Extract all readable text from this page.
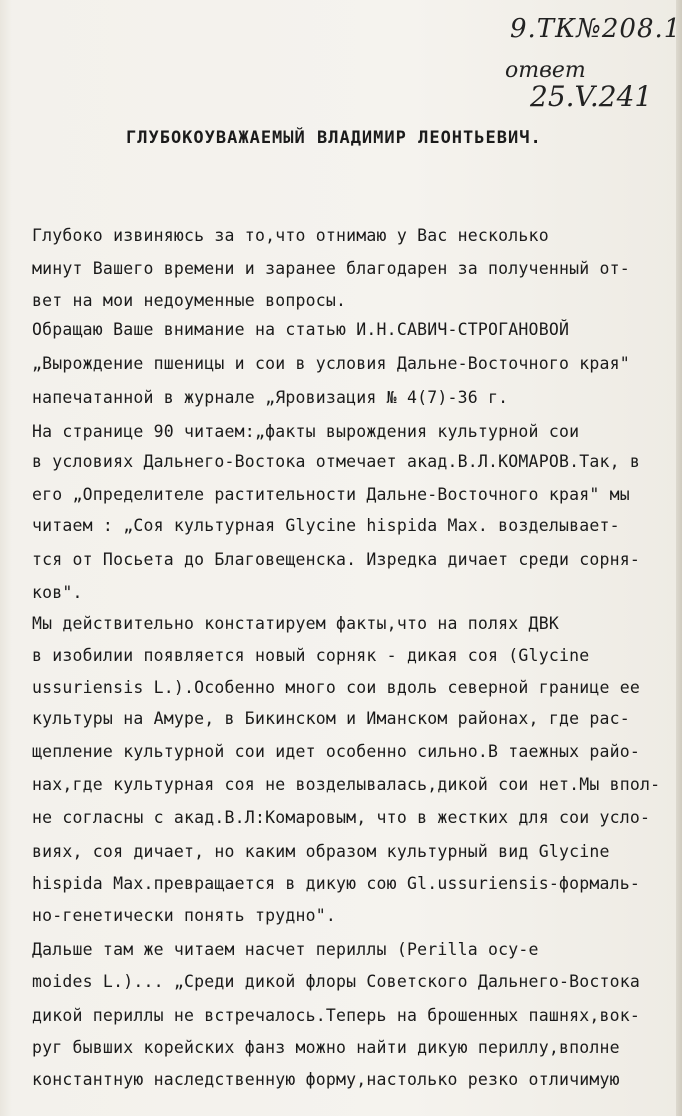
9.ТК№208.1
ответ
25.V.241
ГЛУБОКОУВАЖАЕМЫЙ ВЛАДИМИР ЛЕОНТЬЕВИЧ.
Глубоко извиняюсь за то,что отнимаю у Вас несколько
минут Вашего времени и заранее благодарен за полученный от-
вет на мои недоуменные вопросы.
Обращаю Ваше внимание на статью И.Н.САВИЧ-СТРОГАНОВОЙ
„Вырождение пшеницы и сои в условия Дальне-Восточного края"
напечатанной в журнале „Яровизация № 4(7)-36 г.
На странице 90 читаем:„факты вырождения культурной сои
в условиях Дальнего-Востока отмечает акад.В.Л.КОМАРОВ.Так, в
его „Определителе растительности Дальне-Восточного края" мы
читаем : „Соя культурная Glycine hispida Max. возделывает-
тся от Посьета до Благовещенска. Изредка дичает среди сорня-
ков".
Мы действительно констатируем факты,что на полях ДВК
в изобилии появляется новый сорняк - дикая соя (Glycine
ussuriensis L.).Особенно много сои вдоль северной границе ее
культуры на Амуре, в Бикинском и Иманском районах, где рас-
щепление культурной сои идет особенно сильно.В таежных райо-
нах,где культурная соя не возделывалась,дикой сои нет.Мы впол-
не согласны с акад.В.Л:Комаровым, что в жестких для сои усло-
виях, соя дичает, но каким образом культурный вид Glycine
hispida Max.превращается в дикую сою Gl.ussuriensis-формаль-
но-генетически понять трудно".
Дальше там же читаем насчет периллы (Perilla ocy-e
moides L.)... „Среди дикой флоры Советского Дальнего-Востока
дикой периллы не встречалось.Теперь на брошенных пашнях,вок-
руг бывших корейских фанз можно найти дикую периллу,вполне
константную наследственную форму,настолько резко отличимую
